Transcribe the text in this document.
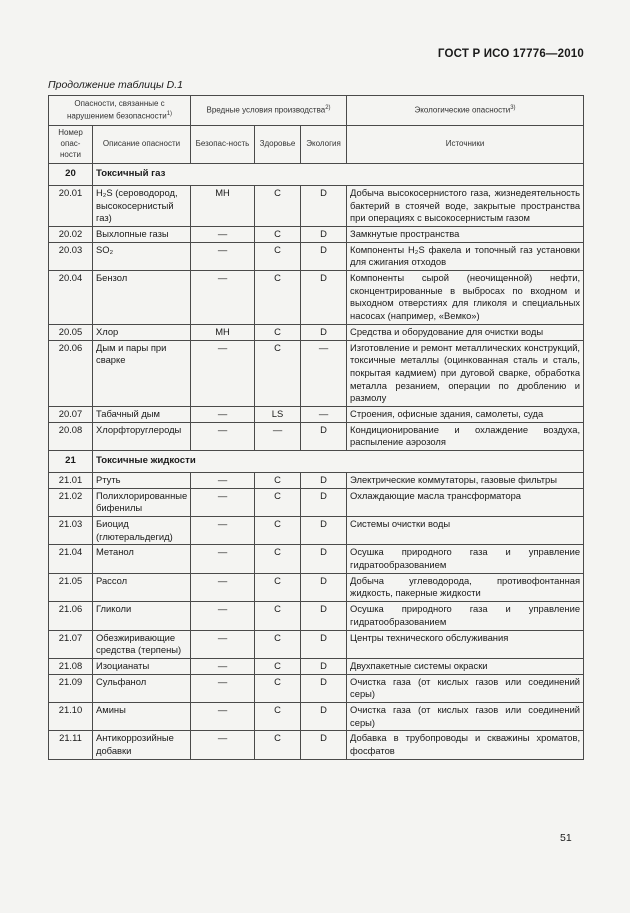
ГОСТ Р ИСО 17776—2010
Продолжение таблицы D.1
Опасности, связанные с нарушением безопасности$^{1)}$		Вредные условия производства$^{2)}$			Экологические опасности$^{3)}$
Номер опас-ности	Описание опасности	Безопас-ность	Здоровье	Экология	Источники
20	Токсичный газ				
20.01	H₂S (сероводород, высокосернистый газ)	MH	C	D	Добыча высокосернистого газа, жизнедеятельность бактерий в стоячей воде, закрытые пространства при операциях с высокосернистым газом
20.02	Выхлопные газы	—	C	D	Замкнутые пространства
20.03	SO₂	—	C	D	Компоненты H₂S факела и топочный газ установки для сжигания отходов
20.04	Бензол	—	C	D	Компоненты сырой (неочищенной) нефти, сконцентрированные в выбросах по входном и выходном отверстиях для гликоля и специальных насосах (например, «Вемко»)
20.05	Хлор	MH	C	D	Средства и оборудование для очистки воды
20.06	Дым и пары при сварке	—	C	—	Изготовление и ремонт металлических конструкций, токсичные металлы (оцинкованная сталь и сталь, покрытая кадмием) при дуговой сварке, обработка металла резанием, операции по дроблению и размолу
20.07	Табачный дым	—	LS	—	Строения, офисные здания, самолеты, суда
20.08	Хлорфторуглероды	—	—	D	Кондиционирование и охлаждение воздуха, распыление аэрозоля
21	Токсичные жидкости				
21.01	Ртуть	—	C	D	Электрические коммутаторы, газовые фильтры
21.02	Полихлорированные бифенилы	—	C	D	Охлаждающие масла трансформатора
21.03	Биоцид (глютеральдегид)	—	C	D	Системы очистки воды
21.04	Метанол	—	C	D	Осушка природного газа и управление гидратообразованием
21.05	Рассол	—	C	D	Добыча углеводорода, противофонтанная жидкость, пакерные жидкости
21.06	Гликоли	—	C	D	Осушка природного газа и управление гидратообразованием
21.07	Обезжиривающие средства (терпены)	—	C	D	Центры технического обслуживания
21.08	Изоцианаты	—	C	D	Двухпакетные системы окраски
21.09	Сульфанол	—	C	D	Очистка газа (от кислых газов или соединений серы)
21.10	Амины	—	C	D	Очистка газа (от кислых газов или соединений серы)
21.11	Антикоррозийные добавки	—	C	D	Добавка в трубопроводы и скважины хроматов, фосфатов
51
